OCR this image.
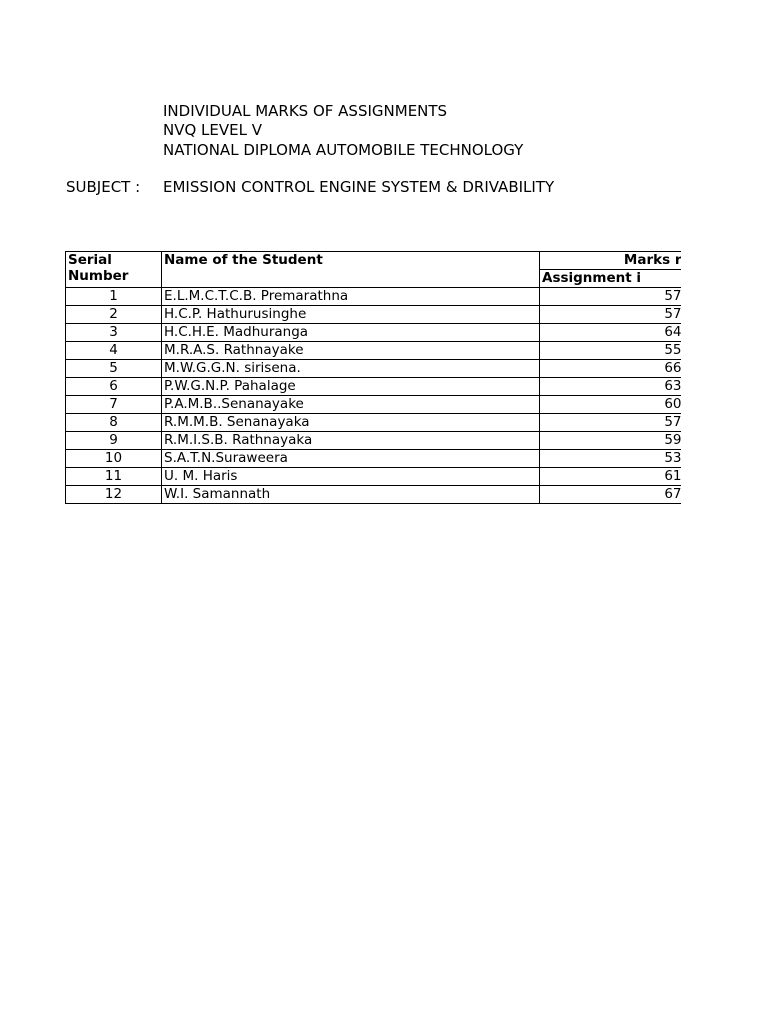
INDIVIDUAL MARKS OF ASSIGNMENTS
NVQ LEVEL V
NATIONAL DIPLOMA AUTOMOBILE TECHNOLOGY
SUBJECT : EMISSION CONTROL ENGINE SYSTEM & DRIVABILITY
Serial Number	Name of the Student	Marks r
		Assignment i
1	E.L.M.C.T.C.B. Premarathna	57
2	H.C.P. Hathurusinghe	57
3	H.C.H.E. Madhuranga	64
4	M.R.A.S. Rathnayake	55
5	M.W.G.G.N. sirisena.	66
6	P.W.G.N.P. Pahalage	63
7	P.A.M.B..Senanayake	60
8	R.M.M.B. Senanayaka	57
9	R.M.I.S.B. Rathnayaka	59
10	S.A.T.N.Suraweera	53
11	U. M. Haris	61
12	W.I. Samannath	67
